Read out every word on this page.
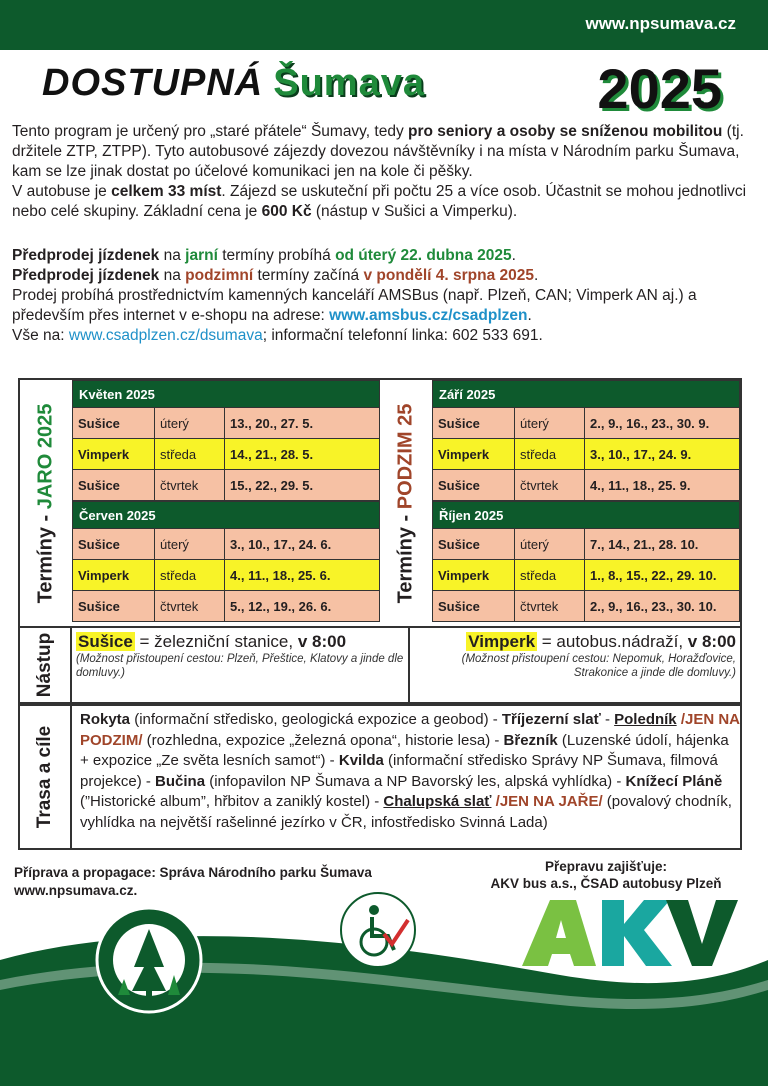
www.npsumava.cz
DOSTUPNÁ Šumava	2025

Tento program je určený pro „staré přátele“ Šumavy, tedy pro seniory a osoby se sníženou mobilitou (tj. držitele ZTP, ZTPP). Tyto autobusové zájezdy dovezou návštěvníky i na místa v Národním parku Šumava, kam se lze jinak dostat po účelové komunikaci jen na kole či pěšky.

V autobuse je celkem 33 míst. Zájezd se uskuteční při počtu 25 a více osob. Účastnit se mohou jednotlivci nebo celé skupiny. Základní cena je 600 Kč (nástup v Sušici a Vimperku).

Předprodej jízdenek na jarní termíny probíhá od úterý 22. dubna 2025.
Předprodej jízdenek na podzimní termíny začíná v pondělí 4. srpna 2025.
Prodej probíhá prostřednictvím kamenných kanceláří AMSBus (např. Plzeň, CAN; Vimperk AN aj.) a především přes internet v e-shopu na adrese: www.amsbus.cz/csadplzen.
Vše na: www.csadplzen.cz/dsumava; informační telefonní linka: 602 533 691.
Termíny - JARO 2025
Květen 2025
Sušice	úterý	13., 20., 27. 5.
Vimperk	středa	14., 21., 28. 5.
Sušice	čtvrtek	15., 22., 29. 5.
Červen 2025
Sušice	úterý	3., 10., 17., 24. 6.
Vimperk	středa	4., 11., 18., 25. 6.
Sušice	čtvrtek	5., 12., 19., 26. 6.
Termíny - PODZIM 25
Září 2025
Sušice	úterý	2., 9., 16., 23., 30. 9.
Vimperk	středa	3., 10., 17., 24. 9.
Sušice	čtvrtek	4., 11., 18., 25. 9.
Říjen 2025
Sušice	úterý	7., 14., 21., 28. 10.
Vimperk	středa	1., 8., 15., 22., 29. 10.
Sušice	čtvrtek	2., 9., 16., 23., 30. 10.
Nástup Sušice = železniční stanice, v 8:00
(Možnost přistoupení cestou: Plzeň, Přeštice, Klatovy a jinde dle domluvy.)
Vimperk = autobus.nádraží, v 8:00
(Možnost přistoupení cestou: Nepomuk, Horažďovice, Strakonice a jinde dle domluvy.)
Trasa a cíle
Rokyta (informační středisko, geologická expozice a geobod) - Tříjezerní slať - Poledník /JEN NA PODZIM/ (rozhledna, expozice „železná opona“, historie lesa) - Březník (Luzenské údolí, hájenka + expozice „Ze světa lesních samot“) - Kvilda (informační středisko Správy NP Šumava, filmová projekce) - Bučina (infopavilon NP Šumava a NP Bavorský les, alpská vyhlídka) - Knížecí Pláně (”Historické album”, hřbitov a zaniklý kostel) - Chalupská slať /JEN NA JAŘE/ (povalový chodník, vyhlídka na největší rašelinné jezírko v ČR, infostředisko Svinná Lada)
Příprava a propagace: Správa Národního parku Šumava
www.npsumava.cz.
Přepravu zajišťuje:
AKV bus a.s., ČSAD autobusy Plzeň
